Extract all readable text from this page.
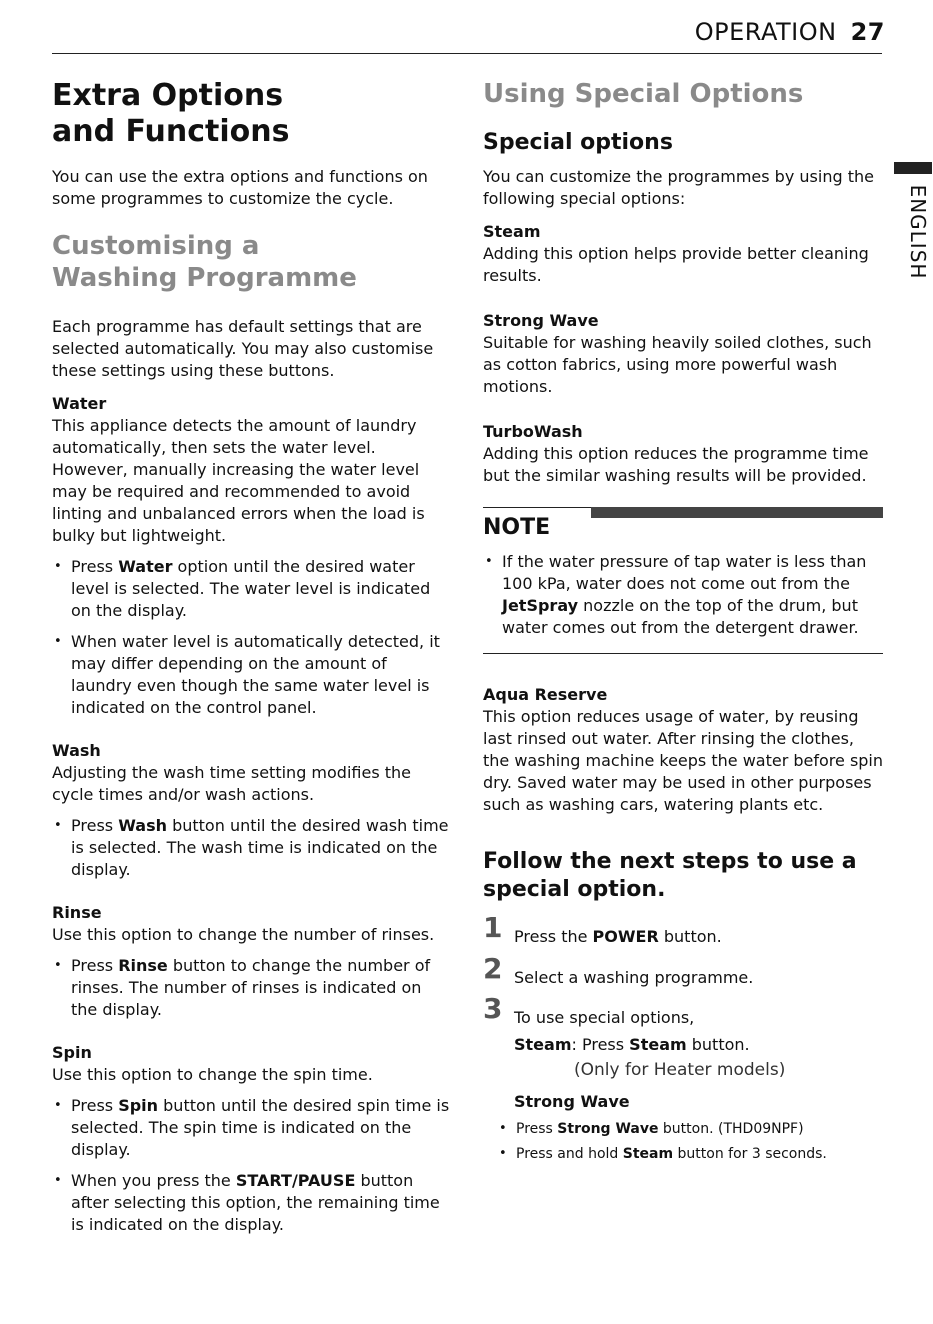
OPERATION 27
ENGLISH
Extra Options and Functions

You can use the extra options and functions on some programmes to customize the cycle.

Customising a Washing Programme

Each programme has default settings that are selected automatically. You may also customise these settings using these buttons.

Water

This appliance detects the amount of laundry automatically, then sets the water level. However, manually increasing the water level may be required and recommended to avoid linting and unbalanced errors when the load is bulky but lightweight.

• Press Water option until the desired water level is selected. The water level is indicated on the display.
• When water level is automatically detected, it may differ depending on the amount of laundry even though the same water level is indicated on the control panel.
Wash

Adjusting the wash time setting modifies the cycle times and/or wash actions.

• Press Wash button until the desired wash time is selected. The wash time is indicated on the display.
Rinse

Use this option to change the number of rinses.

• Press Rinse button to change the number of rinses. The number of rinses is indicated on the display.
Spin

Use this option to change the spin time.

• Press Spin button until the desired spin time is selected. The spin time is indicated on the display.
• When you press the START/PAUSE button after selecting this option, the remaining time is indicated on the display.
Using Special Options
Special options

You can customize the programmes by using the following special options:

Steam

Adding this option helps provide better cleaning results.

Strong Wave

Suitable for washing heavily soiled clothes, such as cotton fabrics, using more powerful wash motions.

TurboWash

Adding this option reduces the programme time but the similar washing results will be provided.

NOTE
• If the water pressure of tap water is less than 100 kPa, water does not come out from the JetSpray nozzle on the top of the drum, but water comes out from the detergent drawer.
Aqua Reserve

This option reduces usage of water, by reusing last rinsed out water. After rinsing the clothes, the washing machine keeps the water before spin dry. Saved water may be used in other purposes such as washing cars, watering plants etc.

Follow the next steps to use a special option.
1 Press the POWER button.
2 Select a washing programme.
3 To use special options,
Steam: Press Steam button.
(Only for Heater models)
Strong Wave
• Press Strong Wave button. (THD09NPF)
• Press and hold Steam button for 3 seconds.
